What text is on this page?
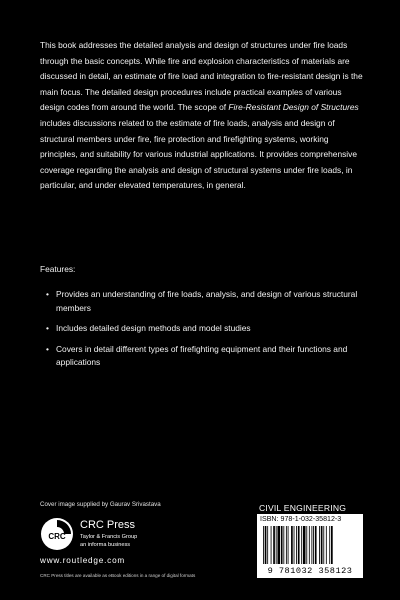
This book addresses the detailed analysis and design of structures under fire loads through the basic concepts. While fire and explosion characteristics of materials are discussed in detail, an estimate of fire load and integration to fire-resistant design is the main focus. The detailed design procedures include practical examples of various design codes from around the world. The scope of Fire-Resistant Design of Structures includes discussions related to the estimate of fire loads, analysis and design of structural members under fire, fire protection and firefighting systems, working principles, and suitability for various industrial applications. It provides comprehensive coverage regarding the analysis and design of structural systems under fire loads, in particular, and under elevated temperatures, in general.

Features:

• Provides an understanding of fire loads, analysis, and design of various structural members
• Includes detailed design methods and model studies
• Covers in detail different types of firefighting equipment and their functions and applications
Cover image supplied by Gaurav Srivastava
CRC
CRC Press
Taylor & Francis Group
an informa business
www.routledge.com
CRC Press titles are available as eBook editions in a range of digital formats
CIVIL ENGINEERING
ISBN: 978-1-032-35812-3
9 781032 358123
